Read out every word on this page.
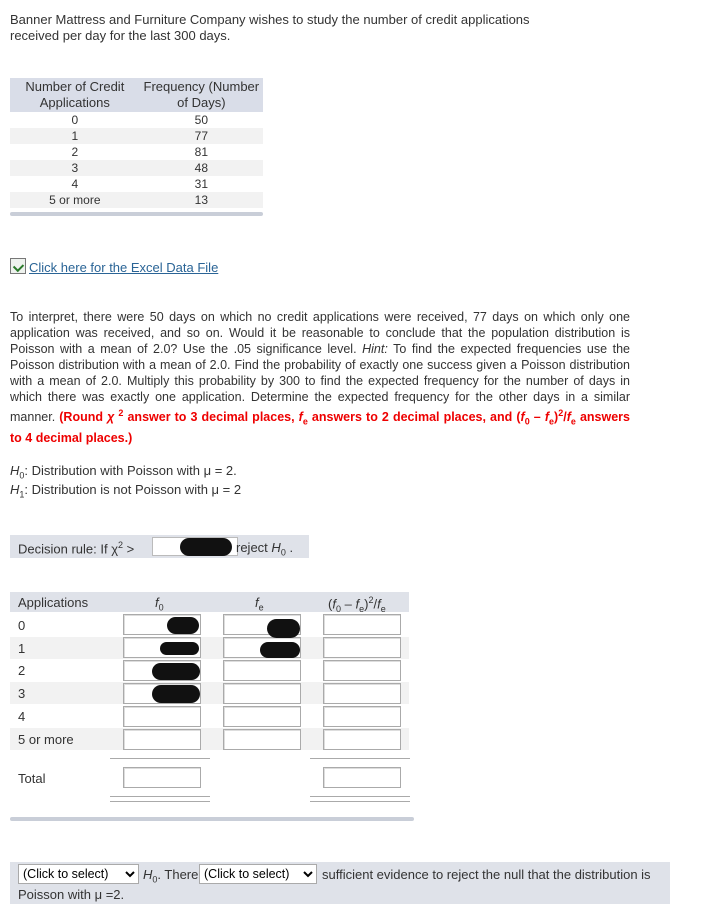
Banner Mattress and Furniture Company wishes to study the number of credit applications received per day for the last 300 days.
Number of Credit Applications	Frequency (Number of Days)
0	50
1	77
2	81
3	48
4	31
5 or more	13
Click here for the Excel Data File
To interpret, there were 50 days on which no credit applications were received, 77 days on which only one application was received, and so on. Would it be reasonable to conclude that the population distribution is Poisson with a mean of 2.0? Use the .05 significance level. Hint: To find the expected frequencies use the Poisson distribution with a mean of 2.0. Find the probability of exactly one success given a Poisson distribution with a mean of 2.0. Multiply this probability by 300 to find the expected frequency for the number of days in which there was exactly one application. Determine the expected frequency for the other days in a similar manner. (Round χ $^2$ answer to 3 decimal places, $f_e$ answers to 2 decimal places, and $(f_0 - f_e)^2/f_e$ answers to 4 decimal places.)
$H_0$: Distribution with Poisson with μ = 2.
$H_1$: Distribution is not Poisson with μ = 2
Decision rule: If $\chi^2$ >	reject $H_0$ .
Applications	$f_0$	$f_e$	$(f_0 - f_e)^2/f_e$
0
1
2
3
4
5 or more
Total
(Click to select)
$H_0$. There
(Click to select)	sufficient evidence to reject the null that the distribution is
Poisson with μ =2.
